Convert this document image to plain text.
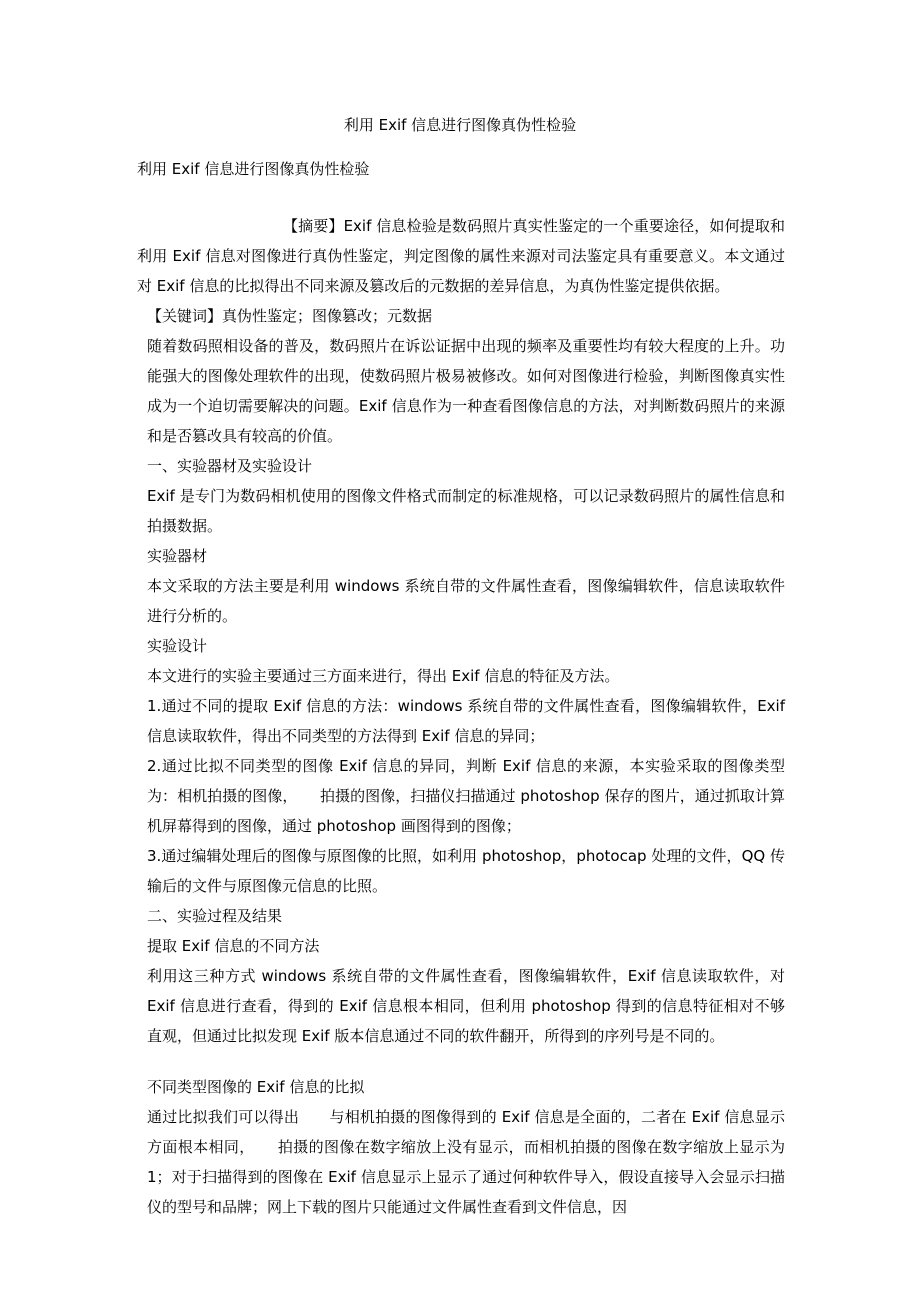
利用 Exif 信息进行图像真伪性检验

利用 Exif 信息进行图像真伪性检验

【摘要】Exif 信息检验是数码照片真实性鉴定的一个重要途径，如何提取和利用 Exif 信息对图像进行真伪性鉴定，判定图像的属性来源对司法鉴定具有重要意义。本文通过对 Exif 信息的比拟得出不同来源及篡改后的元数据的差异信息，为真伪性鉴定提供依据。

【关键词】真伪性鉴定；图像篡改；元数据

随着数码照相设备的普及，数码照片在诉讼证据中出现的频率及重要性均有较大程度的上升。功能强大的图像处理软件的出现，使数码照片极易被修改。如何对图像进行检验，判断图像真实性成为一个迫切需要解决的问题。Exif 信息作为一种查看图像信息的方法，对判断数码照片的来源和是否篡改具有较高的价值。

一、实验器材及实验设计

Exif 是专门为数码相机使用的图像文件格式而制定的标准规格，可以记录数码照片的属性信息和拍摄数据。

实验器材

本文采取的方法主要是利用 windows 系统自带的文件属性查看，图像编辑软件，信息读取软件进行分析的。

实验设计

本文进行的实验主要通过三方面来进行，得出 Exif 信息的特征及方法。

1.通过不同的提取 Exif 信息的方法：windows 系统自带的文件属性查看，图像编辑软件，Exif 信息读取软件，得出不同类型的方法得到 Exif 信息的异同；

2.通过比拟不同类型的图像 Exif 信息的异同，判断 Exif 信息的来源，本实验采取的图像类型为：相机拍摄的图像，　　拍摄的图像，扫描仪扫描通过 photoshop 保存的图片，通过抓取计算机屏幕得到的图像，通过 photoshop 画图得到的图像；

3.通过编辑处理后的图像与原图像的比照，如利用 photoshop，photocap 处理的文件，QQ 传输后的文件与原图像元信息的比照。

二、实验过程及结果

提取 Exif 信息的不同方法

利用这三种方式 windows 系统自带的文件属性查看，图像编辑软件，Exif 信息读取软件，对 Exif 信息进行查看，得到的 Exif 信息根本相同，但利用 photoshop 得到的信息特征相对不够直观，但通过比拟发现 Exif 版本信息通过不同的软件翻开，所得到的序列号是不同的。

不同类型图像的 Exif 信息的比拟

通过比拟我们可以得出　　与相机拍摄的图像得到的 Exif 信息是全面的，二者在 Exif 信息显示方面根本相同，　　拍摄的图像在数字缩放上没有显示，而相机拍摄的图像在数字缩放上显示为 1；对于扫描得到的图像在 Exif 信息显示上显示了通过何种软件导入，假设直接导入会显示扫描仪的型号和品牌；网上下载的图片只能通过文件属性查看到文件信息，因
